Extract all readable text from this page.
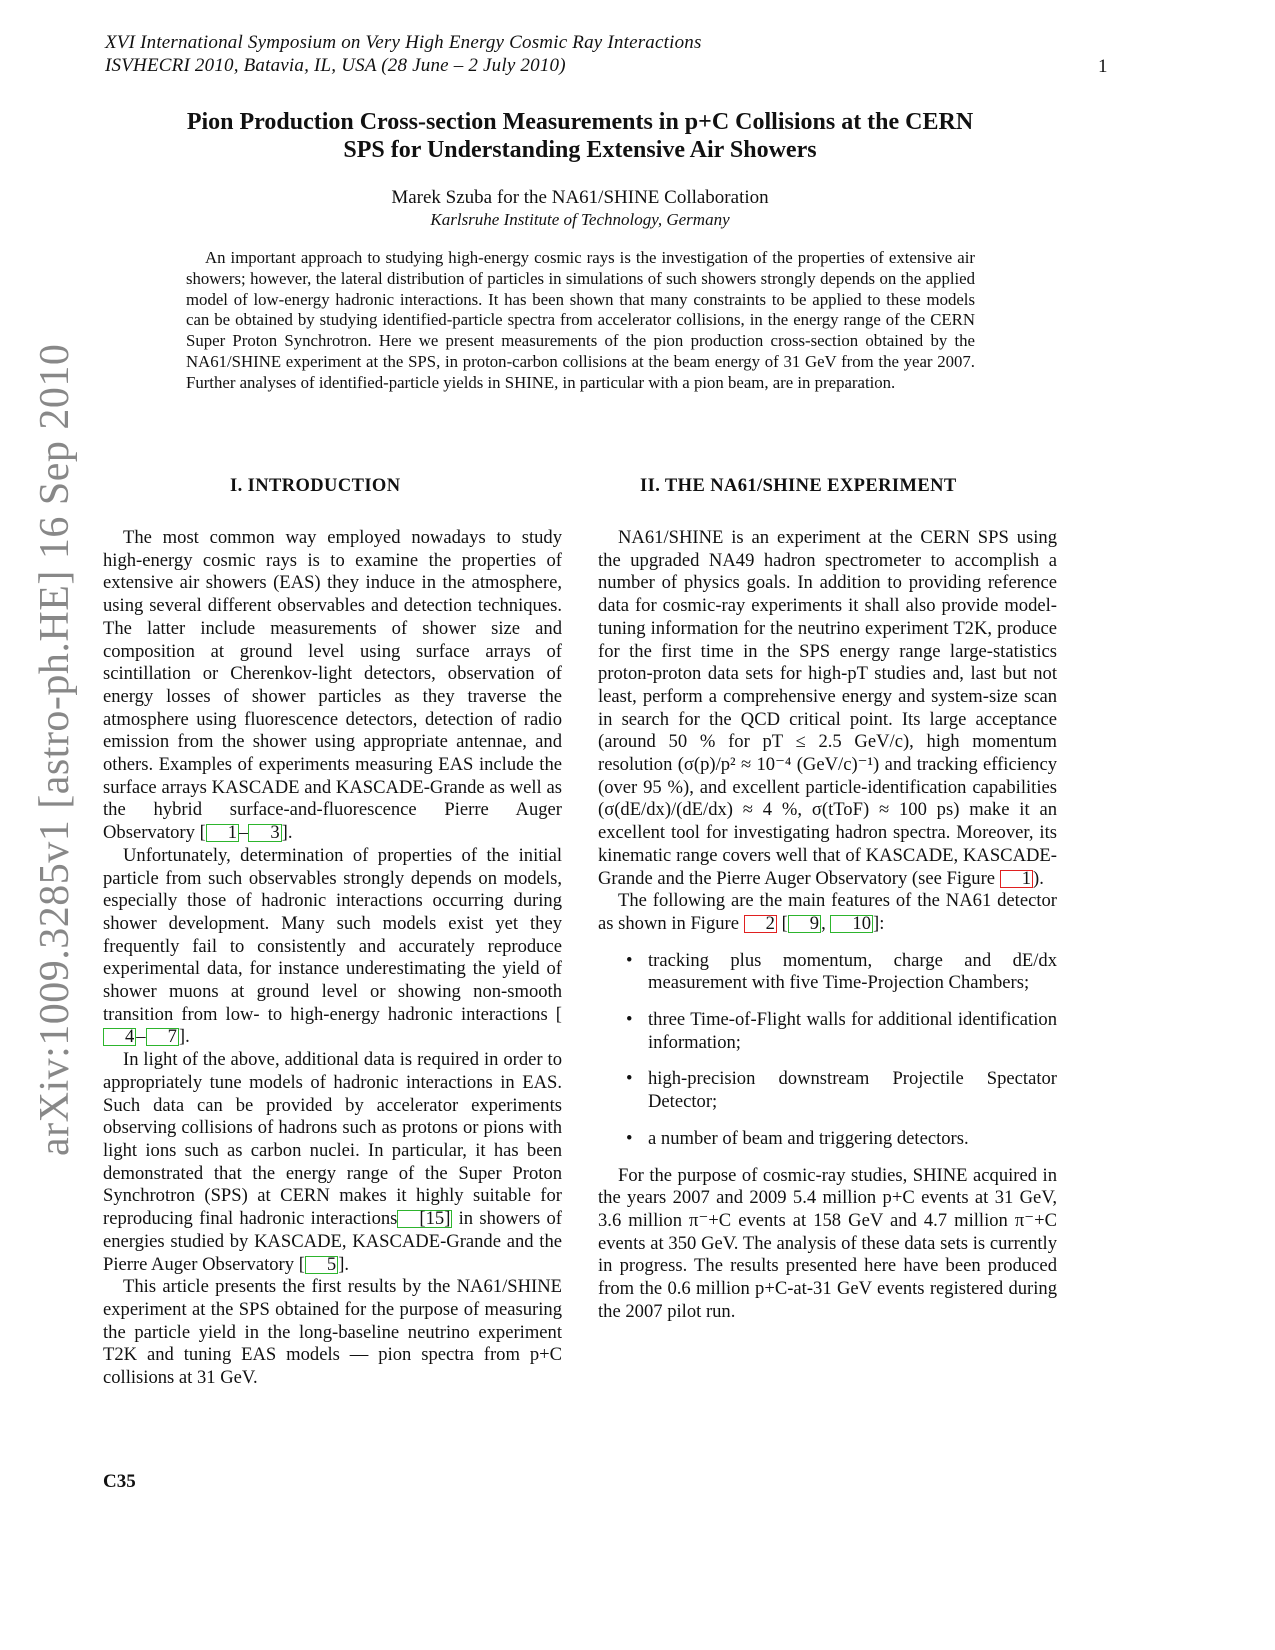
XVI International Symposium on Very High Energy Cosmic Ray Interactions
ISVHECRI 2010, Batavia, IL, USA (28 June – 2 July 2010)	1
arXiv:1009.3285v1 [astro-ph.HE] 16 Sep 2010
Pion Production Cross-section Measurements in p+C Collisions at the CERN
SPS for Understanding Extensive Air Showers
Marek Szuba for the NA61/SHINE Collaboration
Karlsruhe Institute of Technology, Germany
An important approach to studying high-energy cosmic rays is the investigation of the properties of extensive air showers; however, the lateral distribution of particles in simulations of such showers strongly depends on the applied model of low-energy hadronic interactions. It has been shown that many constraints to be applied to these models can be obtained by studying identified-particle spectra from accelerator collisions, in the energy range of the CERN Super Proton Synchrotron. Here we present measurements of the pion production cross-section obtained by the NA61/SHINE experiment at the SPS, in proton-carbon collisions at the beam energy of 31 GeV from the year 2007. Further analyses of identified-particle yields in SHINE, in particular with a pion beam, are in preparation.
I. INTRODUCTION	II. THE NA61/SHINE EXPERIMENT

The most common way employed nowadays to study high-energy cosmic rays is to examine the properties of extensive air showers (EAS) they induce in the atmosphere, using several different observables and detection techniques. The latter include measurements of shower size and composition at ground level using surface arrays of scintillation or Cherenkov-light detectors, observation of energy losses of shower particles as they traverse the atmosphere using fluorescence detectors, detection of radio emission from the shower using appropriate antennae, and others. Examples of experiments measuring EAS include the surface arrays KASCADE and KASCADE-Grande as well as the hybrid surface-and-fluorescence Pierre Auger Observatory [ 1 – 3 ].

Unfortunately, determination of properties of the initial particle from such observables strongly depends on models, especially those of hadronic interactions occurring during shower development. Many such models exist yet they frequently fail to consistently and accurately reproduce experimental data, for instance underestimating the yield of shower muons at ground level or showing non-smooth transition from low- to high-energy hadronic interactions [4 – 7 ].

In light of the above, additional data is required in order to appropriately tune models of hadronic interactions in EAS. Such data can be provided by accelerator experiments observing collisions of hadrons such as protons or pions with light ions such as carbon nuclei. In particular, it has been demonstrated that the energy range of the Super Proton Synchrotron (SPS) at CERN makes it highly suitable for reproducing final hadronic interactions [15] in showers of energies studied by KASCADE, KASCADE-Grande and the Pierre Auger Observatory [ 5 ].

This article presents the first results by the NA61/SHINE experiment at the SPS obtained for the purpose of measuring the particle yield in the long-baseline neutrino experiment T2K and tuning EAS models — pion spectra from p+C collisions at 31 GeV.

NA61/SHINE is an experiment at the CERN SPS using the upgraded NA49 hadron spectrometer to accomplish a number of physics goals. In addition to providing reference data for cosmic-ray experiments it shall also provide model-tuning information for the neutrino experiment T2K, produce for the first time in the SPS energy range large-statistics proton-proton data sets for high-pT studies and, last but not least, perform a comprehensive energy and system-size scan in search for the QCD critical point. Its large acceptance (around 50 % for pT ≤ 2.5 GeV/c), high momentum resolution (σ(p)/p² ≈ 10⁻⁴ (GeV/c)⁻¹) and tracking efficiency (over 95 %), and excellent particle-identification capabilities (σ(dE/dx)/(dE/dx) ≈ 4 %, σ(tToF) ≈ 100 ps) make it an excellent tool for investigating hadron spectra. Moreover, its kinematic range covers well that of KASCADE, KASCADE-Grande and the Pierre Auger Observatory (see Figure 1 ).

The following are the main features of the NA61 detector as shown in Figure 2 [ 9 , 10 ]:

• tracking plus momentum, charge and dE/dx measurement with five Time-Projection Chambers;
• three Time-of-Flight walls for additional identification information;
• high-precision downstream Projectile Spectator Detector;
• a number of beam and triggering detectors.

For the purpose of cosmic-ray studies, SHINE acquired in the years 2007 and 2009 5.4 million p+C events at 31 GeV, 3.6 million π⁻+C events at 158 GeV and 4.7 million π⁻+C events at 350 GeV. The analysis of these data sets is currently in progress. The results presented here have been produced from the 0.6 million p+C-at-31 GeV events registered during the 2007 pilot run.

C35
